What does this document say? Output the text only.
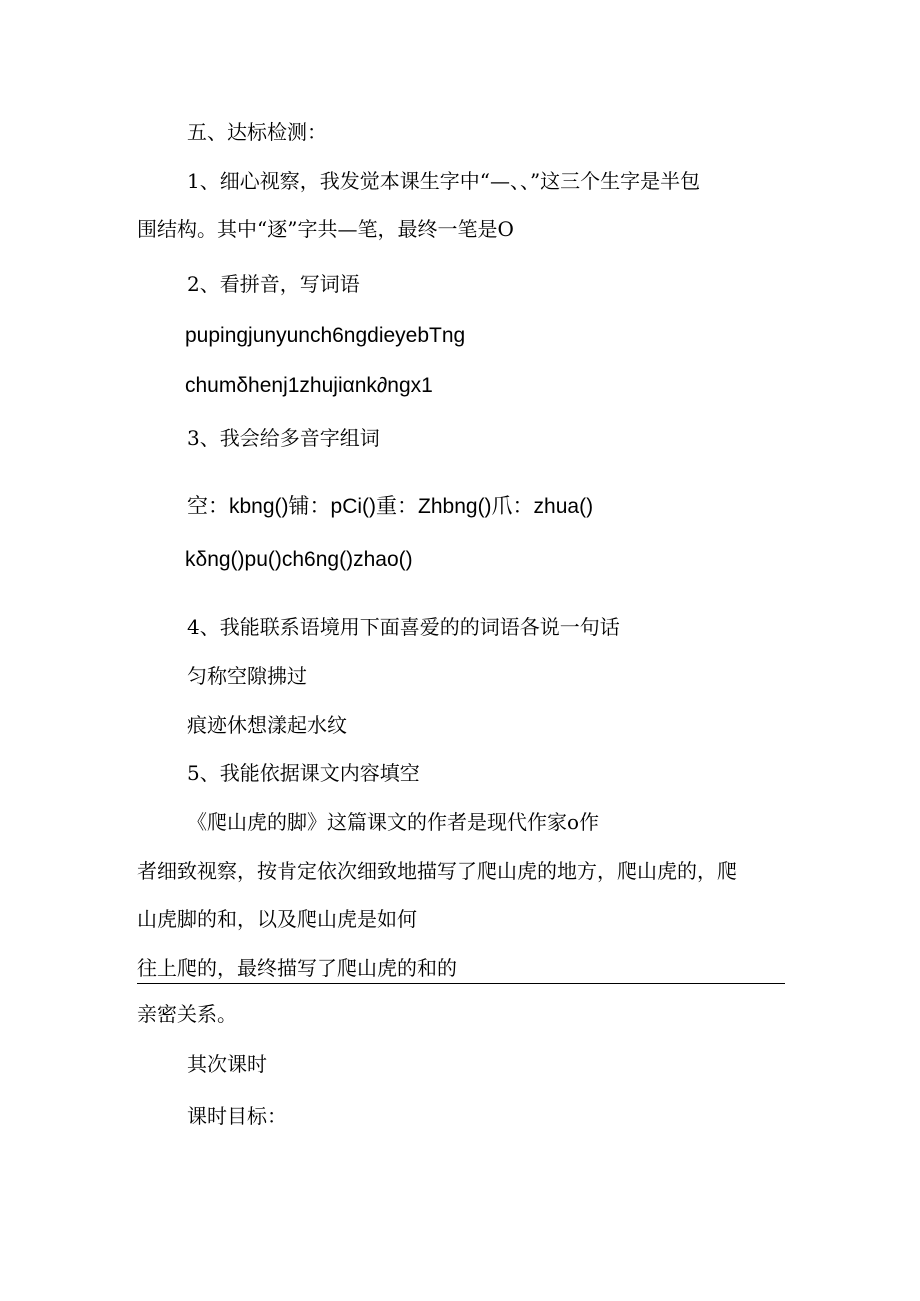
五、达标检测：
1、细心视察，我发觉本课生字中“—、、”这三个生字是半包
围结构。其中“逐”字共—笔，最终一笔是O
2、看拼音，写词语
pupingjunyunch6ngdieyebTng
chumδhenj1zhujiαnk∂ngx1
3、我会给多音字组词
空：kbng()铺：pCi()重：Zhbng()爪：zhua()
kδng()pu()ch6ng()zhao()
4、我能联系语境用下面喜爱的的词语各说一句话
匀称空隙拂过
痕迹休想漾起水纹
5、我能依据课文内容填空
《爬山虎的脚》这篇课文的作者是现代作家o作
者细致视察，按肯定依次细致地描写了爬山虎的地方，爬山虎的，爬
山虎脚的和，以及爬山虎是如何
往上爬的，最终描写了爬山虎的和的
亲密关系。
其次课时
课时目标：
